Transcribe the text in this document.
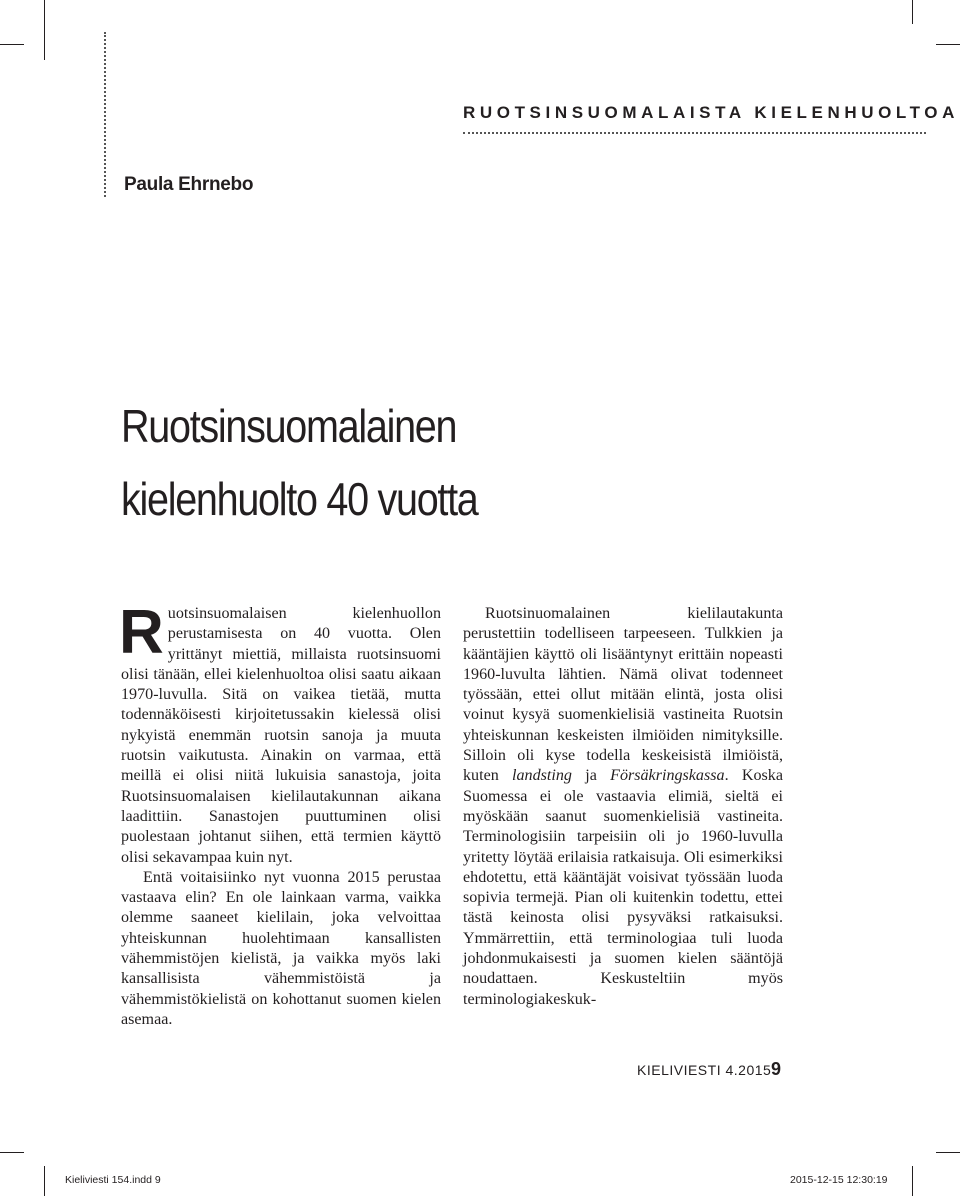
RUOTSINSUOMALAISTA KIELENHUOLTOA

Paula Ehrnebo

Ruotsinsuomalainen
kielenhuolto 40 vuotta

Ruotsinsuomalaisen kielenhuollon perustamisesta on 40 vuotta. Olen yrittänyt miettiä, millaista ruotsinsuomi olisi tänään, ellei kielenhuoltoa olisi saatu aikaan 1970-luvulla. Sitä on vaikea tietää, mutta todennäköisesti kirjoitetussakin kielessä olisi nykyistä enemmän ruotsin sanoja ja muuta ruotsin vaikutusta. Ainakin on varmaa, että meillä ei olisi niitä lukuisia sanastoja, joita Ruotsinsuomalaisen kielilautakunnan aikana laadittiin. Sanastojen puuttuminen olisi puolestaan johtanut siihen, että termien käyttö olisi sekavampaa kuin nyt.

Entä voitaisiinko nyt vuonna 2015 perustaa vastaava elin? En ole lainkaan varma, vaikka olemme saaneet kielilain, joka velvoittaa yhteiskunnan huolehtimaan kansallisten vähemmistöjen kielistä, ja vaikka myös laki kansallisista vähemmistöistä ja vähemmistökielistä on kohottanut suomen kielen asemaa.

Ruotsinuomalainen kielilautakunta perustettiin todelliseen tarpeeseen. Tulkkien ja kääntäjien käyttö oli lisääntynyt erittäin nopeasti 1960-luvulta lähtien. Nämä olivat todenneet työssään, ettei ollut mitään elintä, josta olisi voinut kysyä suomenkielisiä vastineita Ruotsin yhteiskunnan keskeisten ilmiöiden nimityksille. Silloin oli kyse todella keskeisistä ilmiöistä, kuten landsting ja Försäkringskassa. Koska Suomessa ei ole vastaavia elimiä, sieltä ei myöskään saanut suomenkielisiä vastineita. Terminologisiin tarpeisiin oli jo 1960-luvulla yritetty löytää erilaisia ratkaisuja. Oli esimerkiksi ehdotettu, että kääntäjät voisivat työssään luoda sopivia termejä. Pian oli kuitenkin todettu, ettei tästä keinosta olisi pysyväksi ratkaisuksi. Ymmärrettiin, että terminologiaa tuli luoda johdonmukaisesti ja suomen kielen sääntöjä noudattaen. Keskusteltiin myös terminologiakeskuk-

KIELIVIESTI 4.2015 9
Kieliviesti 154.indd 9	2015-12-15 12:30:19
